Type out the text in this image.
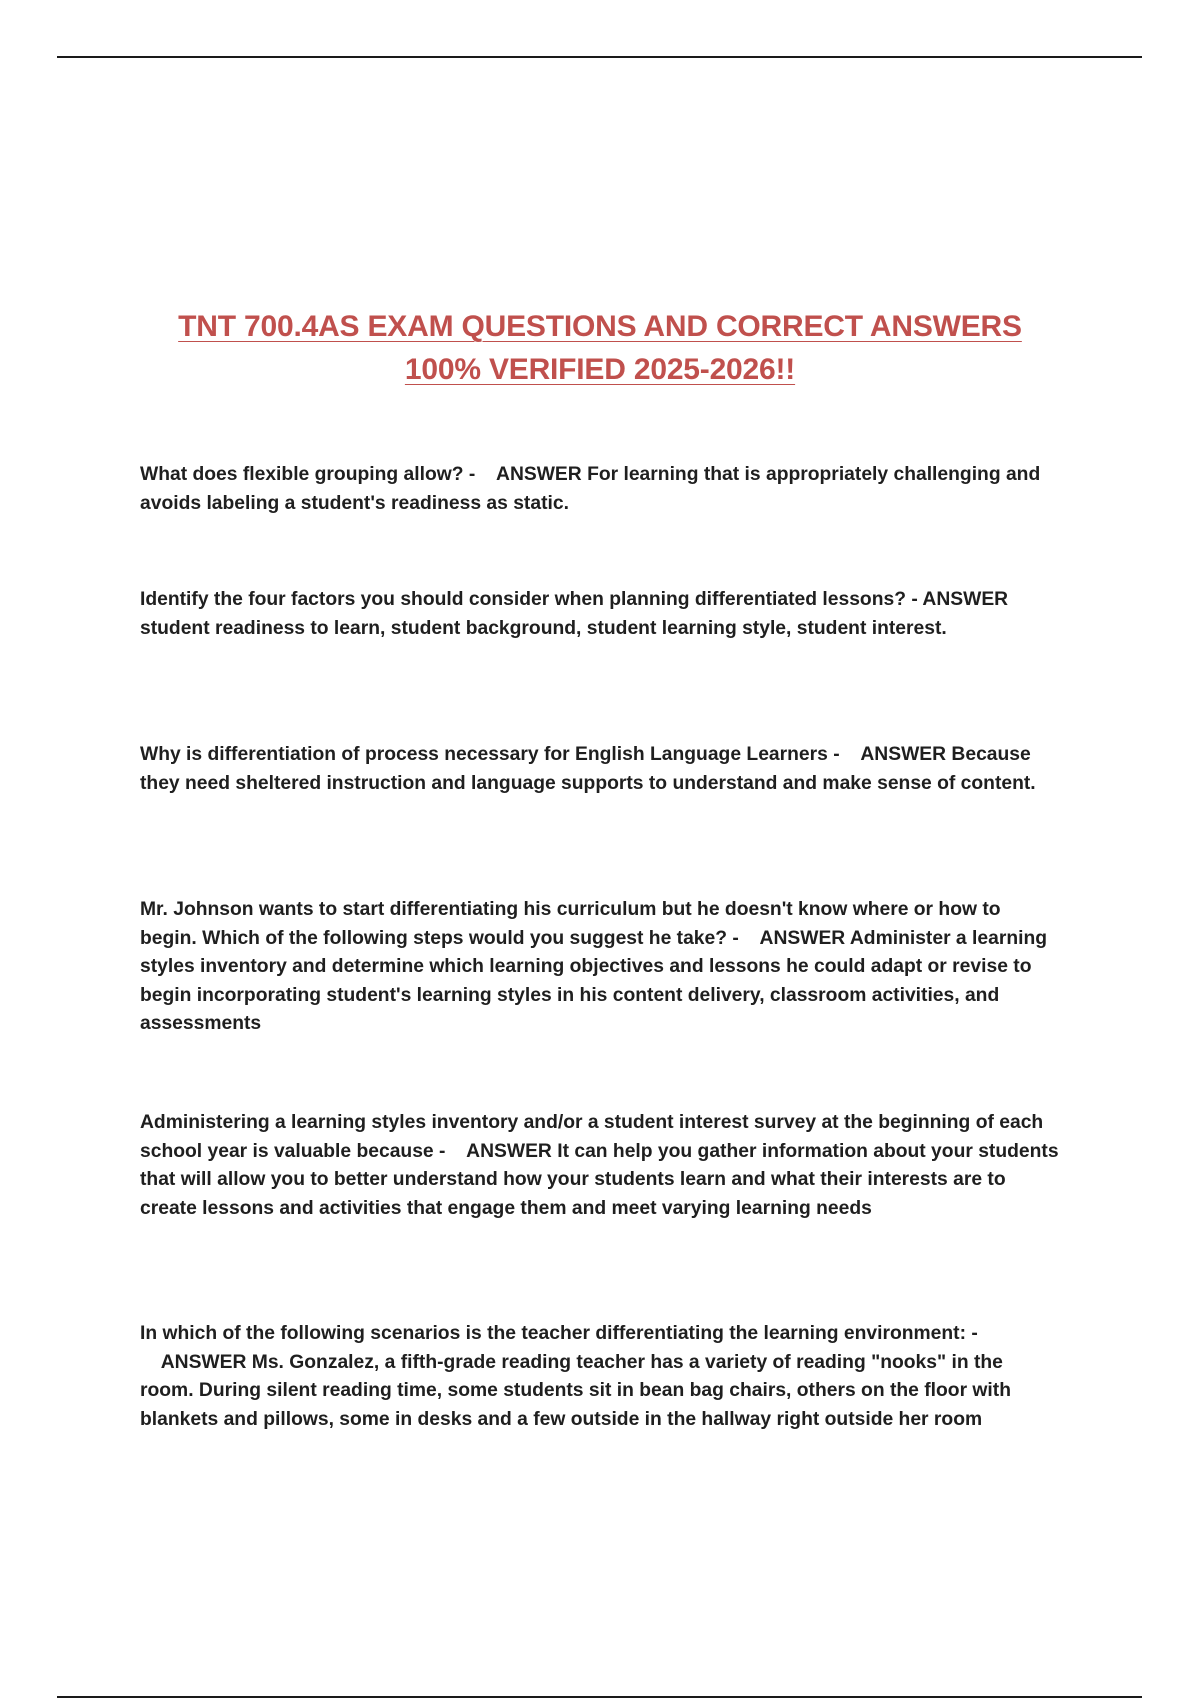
TNT 700.4AS EXAM QUESTIONS AND CORRECT ANSWERS
100% VERIFIED 2025-2026!!
What does flexible grouping allow? - ANSWER For learning that is appropriately challenging and avoids labeling a student's readiness as static.
Identify the four factors you should consider when planning differentiated lessons? - ANSWER student readiness to learn, student background, student learning style, student interest.
Why is differentiation of process necessary for English Language Learners - ANSWER Because they need sheltered instruction and language supports to understand and make sense of content.
Mr. Johnson wants to start differentiating his curriculum but he doesn't know where or how to begin. Which of the following steps would you suggest he take? - ANSWER Administer a learning styles inventory and determine which learning objectives and lessons he could adapt or revise to begin incorporating student's learning styles in his content delivery, classroom activities, and assessments
Administering a learning styles inventory and/or a student interest survey at the beginning of each school year is valuable because - ANSWER It can help you gather information about your students that will allow you to better understand how your students learn and what their interests are to create lessons and activities that engage them and meet varying learning needs
In which of the following scenarios is the teacher differentiating the learning environment: -    ANSWER Ms. Gonzalez, a fifth-grade reading teacher has a variety of reading "nooks" in the room. During silent reading time, some students sit in bean bag chairs, others on the floor with blankets and pillows, some in desks and a few outside in the hallway right outside her room
